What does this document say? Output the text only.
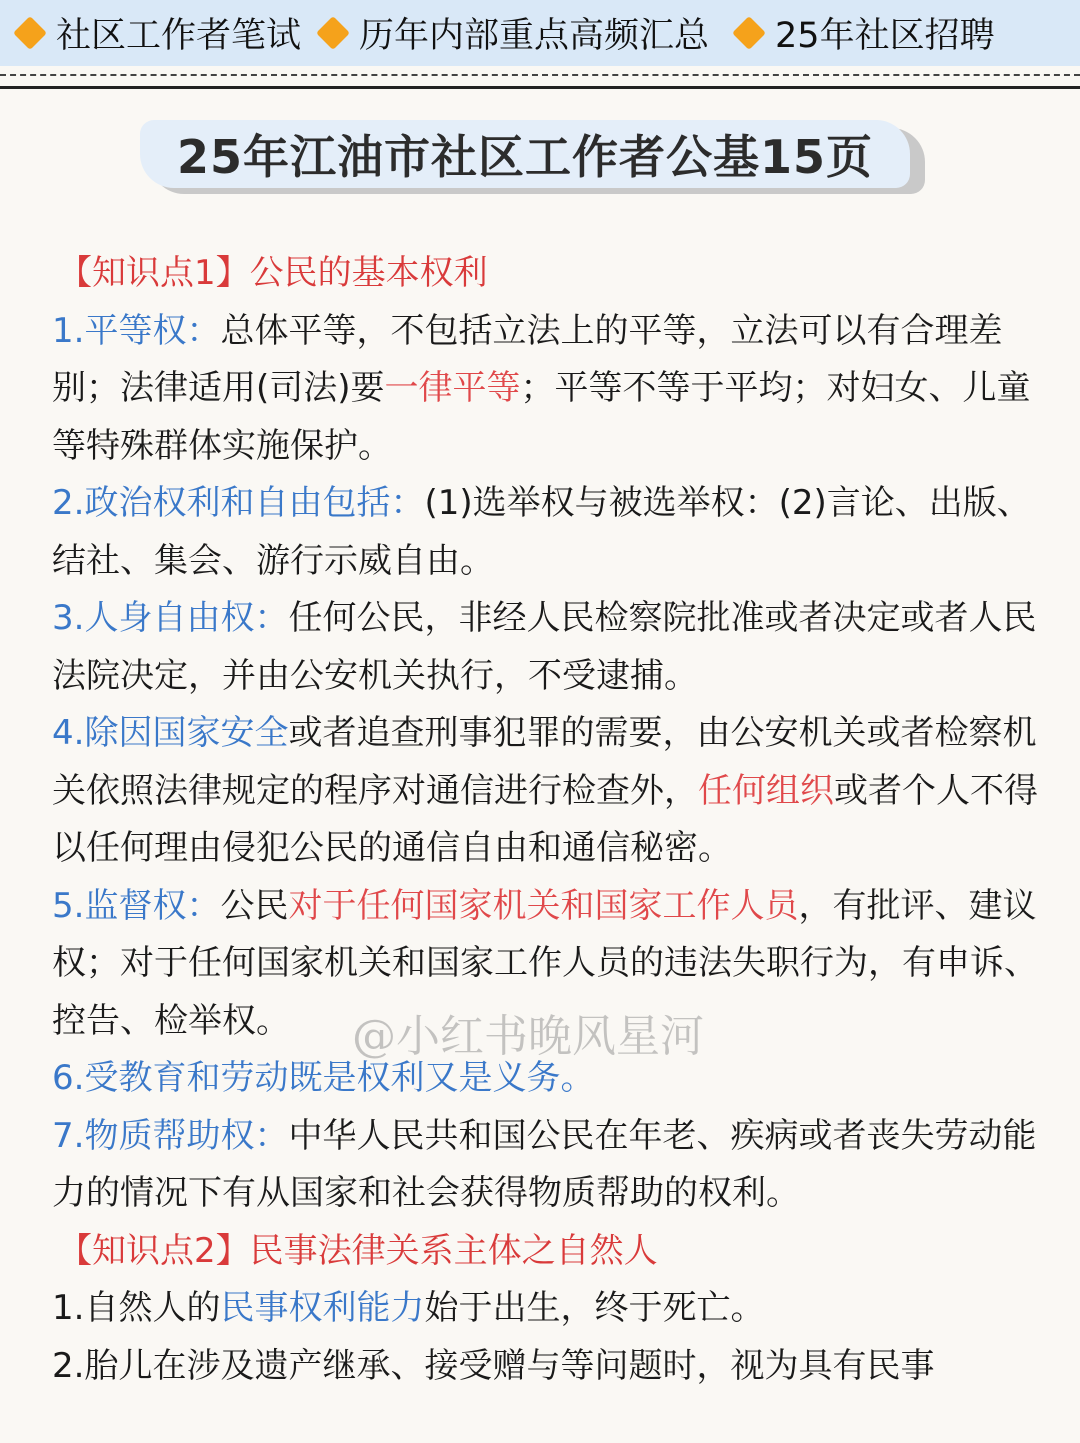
社区工作者笔试 历年内部重点高频汇总 25年社区招聘
25年江油市社区工作者公基15页

【知识点1】公民的基本权利

1.平等权：总体平等，不包括立法上的平等，立法可以有合理差别；法律适用(司法)要一律平等；平等不等于平均；对妇女、儿童等特殊群体实施保护。

2.政治权利和自由包括：(1)选举权与被选举权：(2)言论、出版、结社、集会、游行示威自由。

3.人身自由权：任何公民，非经人民检察院批准或者决定或者人民法院决定，并由公安机关执行，不受逮捕。

4.除因国家安全或者追查刑事犯罪的需要，由公安机关或者检察机关依照法律规定的程序对通信进行检查外，任何组织或者个人不得以任何理由侵犯公民的通信自由和通信秘密。

5.监督权：公民对于任何国家机关和国家工作人员，有批评、建议权；对于任何国家机关和国家工作人员的违法失职行为，有申诉、控告、检举权。

6.受教育和劳动既是权利又是义务。

7.物质帮助权：中华人民共和国公民在年老、疾病或者丧失劳动能力的情况下有从国家和社会获得物质帮助的权利。

【知识点2】民事法律关系主体之自然人

1.自然人的民事权利能力始于出生，终于死亡。

2.胎儿在涉及遗产继承、接受赠与等问题时，视为具有民事

@小红书晚风星河
